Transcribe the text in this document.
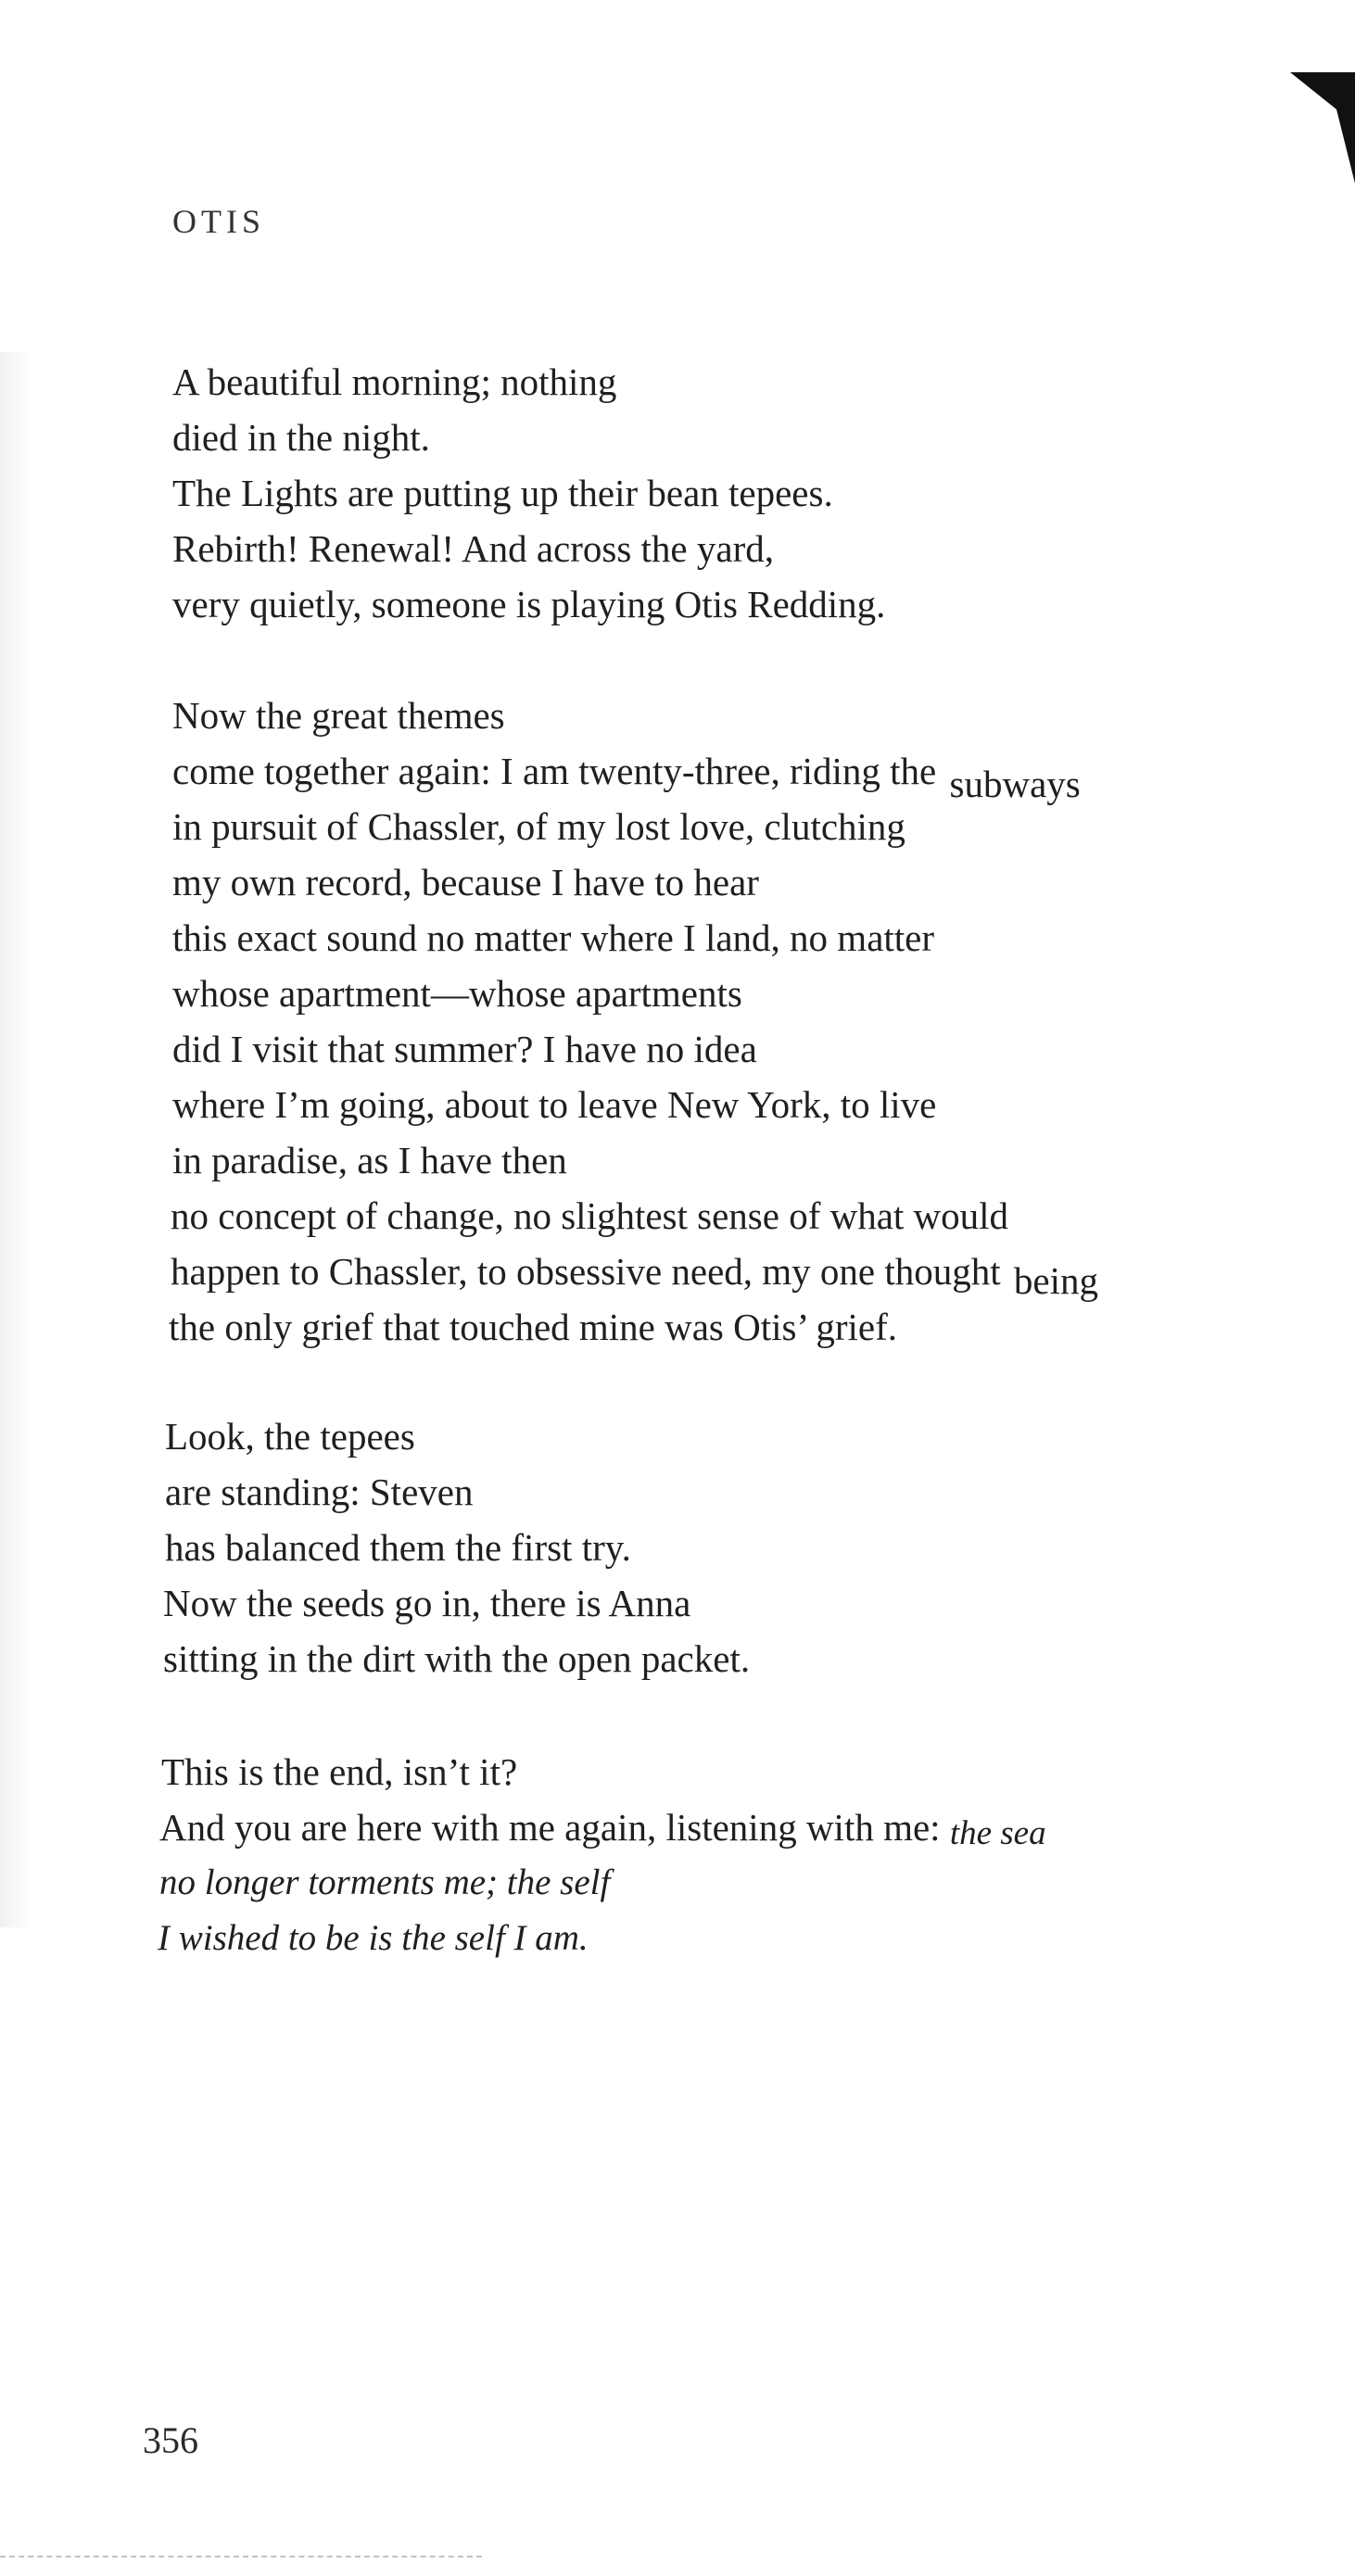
OTIS
A beautiful morning; nothing
died in the night.
The Lights are putting up their bean tepees.
Rebirth! Renewal! And across the yard,
very quietly, someone is playing Otis Redding.
Now the great themes
come together again: I am twenty-three, riding the subways
in pursuit of Chassler, of my lost love, clutching
my own record, because I have to hear
this exact sound no matter where I land, no matter
whose apartment—whose apartments
did I visit that summer? I have no idea
where I’m going, about to leave New York, to live
in paradise, as I have then
no concept of change, no slightest sense of what would
happen to Chassler, to obsessive need, my one thought being
the only grief that touched mine was Otis’ grief.
Look, the tepees
are standing: Steven
has balanced them the first try.
Now the seeds go in, there is Anna
sitting in the dirt with the open packet.
This is the end, isn’t it?
And you are here with me again, listening with me: the sea
no longer torments me; the self
I wished to be is the self I am.
356
